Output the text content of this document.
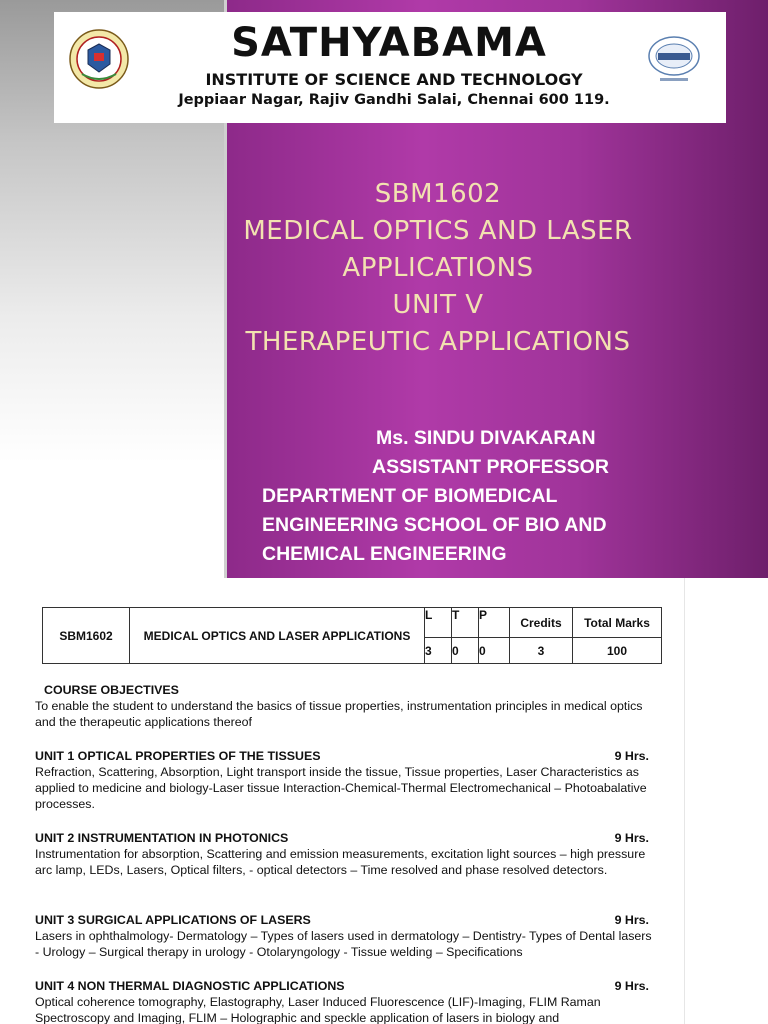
SATHYABAMA
INSTITUTE OF SCIENCE AND TECHNOLOGY
Jeppiaar Nagar, Rajiv Gandhi Salai, Chennai 600 119.
SBM1602
MEDICAL OPTICS AND LASER
APPLICATIONS
UNIT V
THERAPEUTIC APPLICATIONS
Ms. SINDU DIVAKARAN
ASSISTANT PROFESSOR
DEPARTMENT OF BIOMEDICAL
ENGINEERING SCHOOL OF BIO AND
CHEMICAL ENGINEERING
SBM1602	MEDICAL OPTICS AND LASER APPLICATIONS	L	T	P	Credits	Total Marks
		3	0	0	3	100
COURSE OBJECTIVES
To enable the student to understand the basics of tissue properties, instrumentation principles in medical optics and the therapeutic applications thereof
UNIT 1 OPTICAL PROPERTIES OF THE TISSUES	9 Hrs.
Refraction, Scattering, Absorption, Light transport inside the tissue, Tissue properties, Laser Characteristics as applied to medicine and biology-Laser tissue Interaction-Chemical-Thermal Electromechanical – Photoabalative processes.
UNIT 2 INSTRUMENTATION IN PHOTONICS	9 Hrs.
Instrumentation for absorption, Scattering and emission measurements, excitation light sources – high pressure arc lamp, LEDs, Lasers, Optical filters, - optical detectors – Time resolved and phase resolved detectors.
UNIT 3 SURGICAL APPLICATIONS OF LASERS	9 Hrs.
Lasers in ophthalmology- Dermatology – Types of lasers used in dermatology – Dentistry- Types of Dental lasers - Urology – Surgical therapy in urology - Otolaryngology - Tissue welding – Specifications
UNIT 4 NON THERMAL DIAGNOSTIC APPLICATIONS	9 Hrs.
Optical coherence tomography, Elastography, Laser Induced Fluorescence (LIF)-Imaging, FLIM Raman Spectroscopy and Imaging, FLIM – Holographic and speckle application of lasers in biology and
